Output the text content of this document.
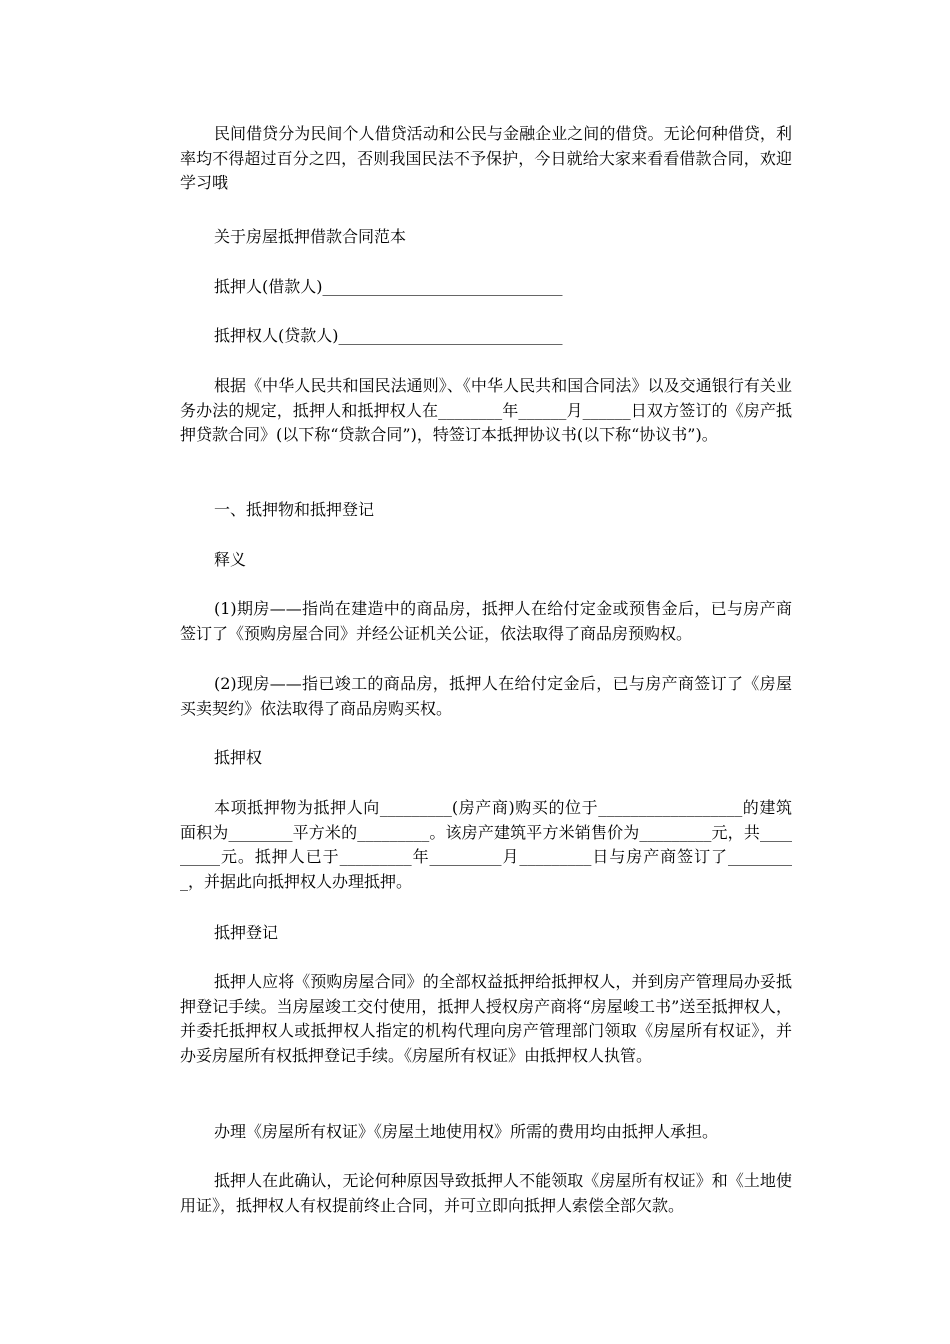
民间借贷分为民间个人借贷活动和公民与金融企业之间的借贷。无论何种借贷，利率均不得超过百分之四，否则我国民法不予保护，今日就给大家来看看借款合同，欢迎学习哦

关于房屋抵押借款合同范本

抵押人(借款人)______________________________

抵押权人(贷款人)____________________________

根据《中华人民共和国民法通则》、《中华人民共和国合同法》以及交通银行有关业务办法的规定，抵押人和抵押权人在________年______月______日双方签订的《房产抵押贷款合同》(以下称“贷款合同”)，特签订本抵押协议书(以下称“协议书”)。

一、抵押物和抵押登记

释义

(1)期房——指尚在建造中的商品房，抵押人在给付定金或预售金后，已与房产商签订了《预购房屋合同》并经公证机关公证，依法取得了商品房预购权。

(2)现房——指已竣工的商品房，抵押人在给付定金后，已与房产商签订了《房屋买卖契约》依法取得了商品房购买权。

抵押权

本项抵押物为抵押人向_________(房产商)购买的位于__________________的建筑面积为________平方米的_________。该房产建筑平方米销售价为_________元，共_________元。抵押人已于_________年_________月_________日与房产商签订了_________，并据此向抵押权人办理抵押。

抵押登记

抵押人应将《预购房屋合同》的全部权益抵押给抵押权人，并到房产管理局办妥抵押登记手续。当房屋竣工交付使用，抵押人授权房产商将“房屋峻工书”送至抵押权人，并委托抵押权人或抵押权人指定的机构代理向房产管理部门领取《房屋所有权证》，并办妥房屋所有权抵押登记手续。《房屋所有权证》由抵押权人执管。

办理《房屋所有权证》《房屋土地使用权》所需的费用均由抵押人承担。

抵押人在此确认，无论何种原因导致抵押人不能领取《房屋所有权证》和《土地使用证》，抵押权人有权提前终止合同，并可立即向抵押人索偿全部欠款。
